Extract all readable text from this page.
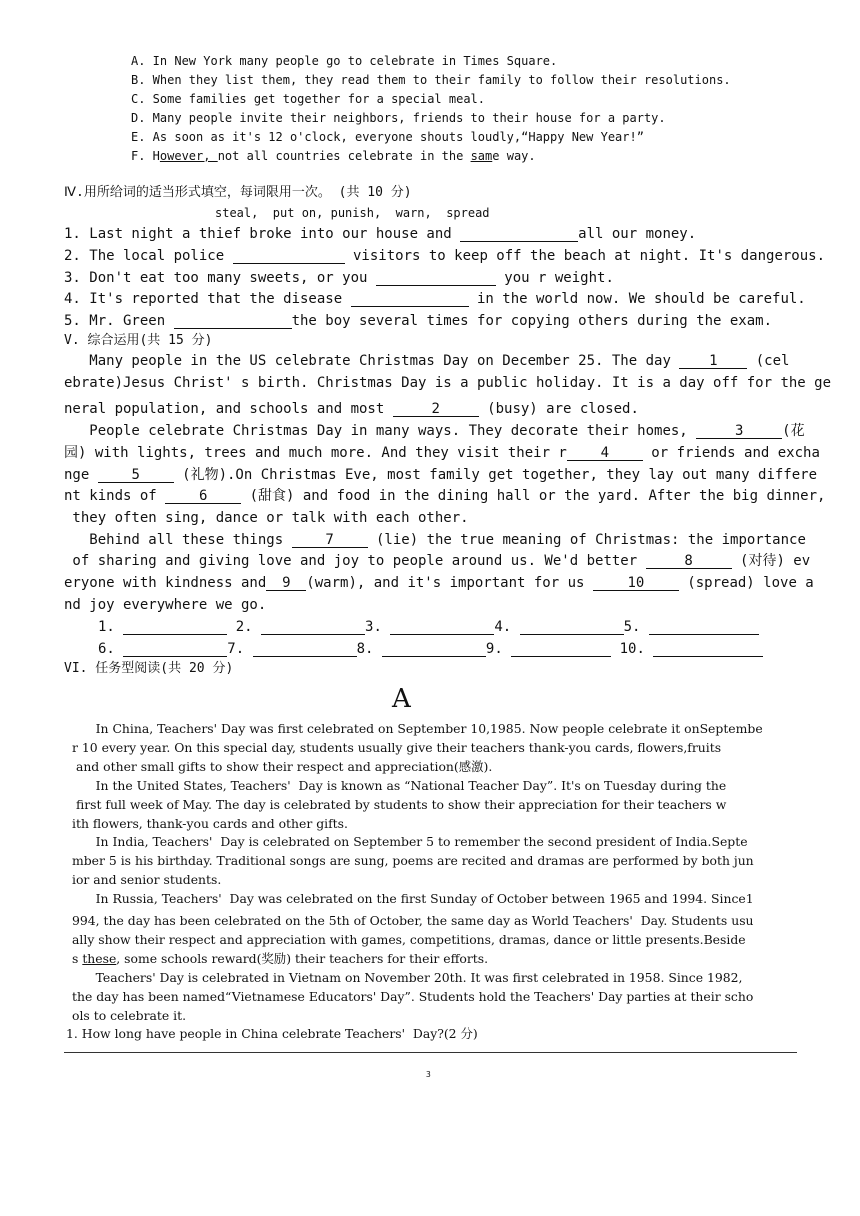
A. In New York many people go to celebrate in Times Square.
B. When they list them, they read them to their family to follow their resolutions.
C. Some families get together for a special meal.
D. Many people invite their neighbors, friends to their house for a party.
E. As soon as it's 12 o'clock, everyone shouts loudly,“Happy New Year!”
F. However, not all countries celebrate in the same way.
Ⅳ.用所给词的适当形式填空，每词限用一次。 (共 10 分)
steal,  put on, punish,  warn,  spread
1. Last night a thief broke into our house and	all our money.
2. The local police	visitors to keep off the beach at night. It's dangerous.
3. Don't eat too many sweets, or you	you r weight.
4. It's reported that the disease	in the world now. We should be careful.
5. Mr. Green	the boy several times for copying others during the exam.
V. 综合运用(共 15 分)
Many people in the US celebrate Christmas Day on December 25. The day 1 (cel
ebrate)Jesus Christ' s birth. Christmas Day is a public holiday. It is a day off for the ge
neral population, and schools and most	2	(busy) are closed.
People celebrate Christmas Day in many ways. They decorate their homes,	3	(花
园) with lights, trees and much more. And they visit their r 4 or friends and excha
nge 5 (礼物).On Christmas Eve, most family get together, they lay out many differe
nt kinds of 6 (甜食) and food in the dining hall or the yard. After the big dinner,
they often sing, dance or talk with each other.
Behind all these things 7 (lie) the true meaning of Christmas: the importance
of sharing and giving love and joy to people around us. We'd better	8	(对待) ev
eryone with kindness and 9 (warm), and it's important for us 10 (spread) love a
nd joy everywhere we go.
1.	2.	3.	4.	5.
6.	7.	8.	9.	10.
VI. 任务型阅读(共 20 分)
A
In China, Teachers' Day was first celebrated on September 10,1985. Now people celebrate it onSeptembe
r 10 every year. On this special day, students usually give their teachers thank-you cards, flowers,fruits
and other small gifts to show their respect and appreciation(感激).
In the United States, Teachers'  Day is known as “National Teacher Day”. It's on Tuesday during the
first full week of May. The day is celebrated by students to show their appreciation for their teachers w
ith flowers, thank-you cards and other gifts.
In India, Teachers'  Day is celebrated on September 5 to remember the second president of India.Septe
mber 5 is his birthday. Traditional songs are sung, poems are recited and dramas are performed by both jun
ior and senior students.
In Russia, Teachers'  Day was celebrated on the first Sunday of October between 1965 and 1994. Since1
994, the day has been celebrated on the 5th of October, the same day as World Teachers'  Day. Students usu
ally show their respect and appreciation with games, competitions, dramas, dance or little presents.Beside
s these, some schools reward(奖励) their teachers for their efforts.
Teachers' Day is celebrated in Vietnam on November 20th. It was first celebrated in 1958. Since 1982,
the day has been named“Vietnamese Educators' Day”. Students hold the Teachers' Day parties at their scho
ols to celebrate it.
1. How long have people in China celebrate Teachers'  Day?(2 分)
3
